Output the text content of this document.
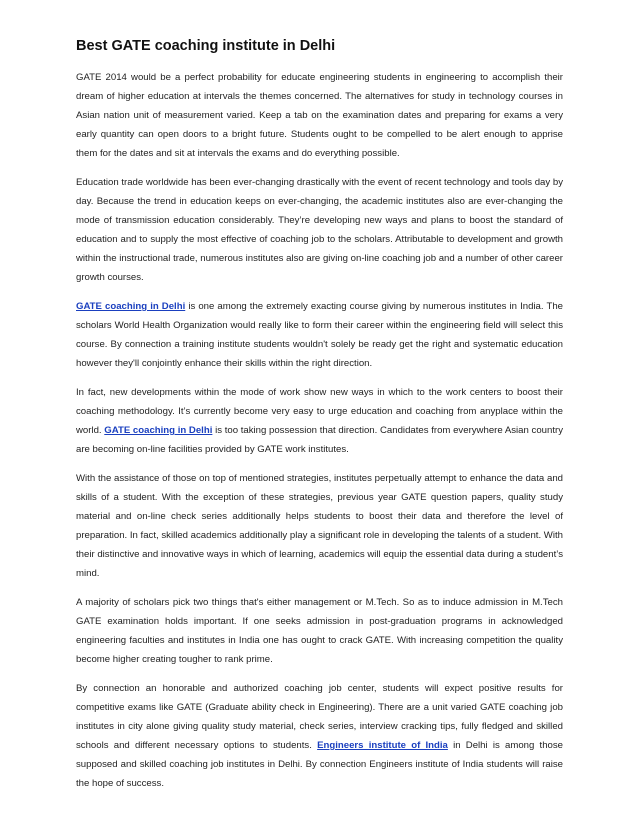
Best GATE coaching institute in Delhi

GATE 2014 would be a perfect probability for educate engineering students in engineering to accomplish their dream of higher education at intervals the themes concerned. The alternatives for study in technology courses in Asian nation unit of measurement varied. Keep a tab on the examination dates and preparing for exams a very early quantity can open doors to a bright future. Students ought to be compelled to be alert enough to apprise them for the dates and sit at intervals the exams and do everything possible.

Education trade worldwide has been ever-changing drastically with the event of recent technology and tools day by day. Because the trend in education keeps on ever-changing, the academic institutes also are ever-changing the mode of transmission education considerably. They’re developing new ways and plans to boost the standard of education and to supply the most effective of coaching job to the scholars. Attributable to development and growth within the instructional trade, numerous institutes also are giving on-line coaching job and a number of other career growth courses.

GATE coaching in Delhi is one among the extremely exacting course giving by numerous institutes in India. The scholars World Health Organization would really like to form their career within the engineering field will select this course. By connection a training institute students wouldn't solely be ready get the right and systematic education however they'll conjointly enhance their skills within the right direction.

In fact, new developments within the mode of work show new ways in which to the work centers to boost their coaching methodology. It’s currently become very easy to urge education and coaching from anyplace within the world. GATE coaching in Delhi is too taking possession that direction. Candidates from everywhere Asian country are becoming on-line facilities provided by GATE work institutes.

With the assistance of those on top of mentioned strategies, institutes perpetually attempt to enhance the data and skills of a student. With the exception of these strategies, previous year GATE question papers, quality study material and on-line check series additionally helps students to boost their data and therefore the level of preparation. In fact, skilled academics additionally play a significant role in developing the talents of a student. With their distinctive and innovative ways in which of learning, academics will equip the essential data during a student’s mind.

A majority of scholars pick two things that's either management or M.Tech. So as to induce admission in M.Tech GATE examination holds important. If one seeks admission in post-graduation programs in acknowledged engineering faculties and institutes in India one has ought to crack GATE. With increasing competition the quality become higher creating tougher to rank prime.

By connection an honorable and authorized coaching job center, students will expect positive results for competitive exams like GATE (Graduate ability check in Engineering). There are a unit varied GATE coaching job institutes in city alone giving quality study material, check series, interview cracking tips, fully fledged and skilled schools and different necessary options to students. Engineers institute of India in Delhi is among those supposed and skilled coaching job institutes in Delhi. By connection Engineers institute of India students will raise the hope of success.
